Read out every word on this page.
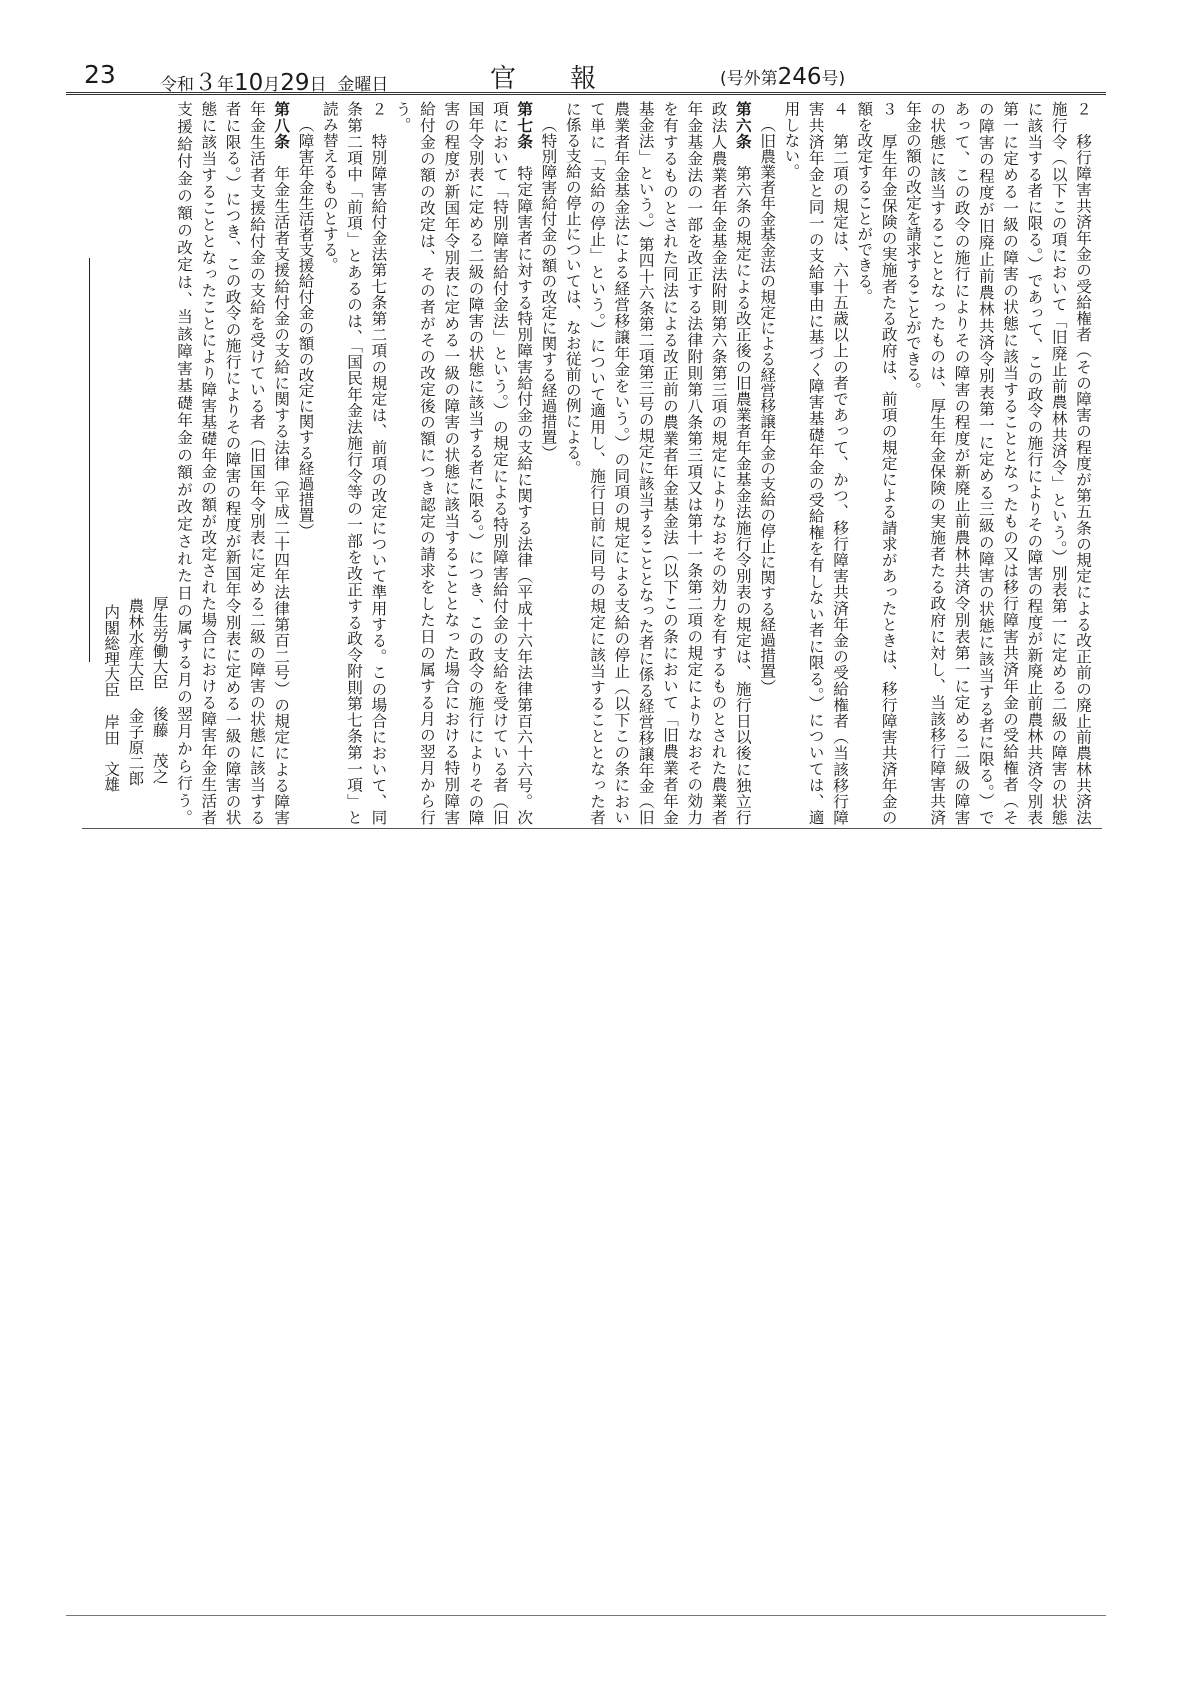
23	令和３年10月29日 金曜日	官 報	(号外第246号)
２　移行障害共済年金の受給権者（その障害の程度が第五条の規定による改正前の廃止前農林共済法
施行令（以下この項において「旧廃止前農林共済令」という。）別表第一に定める二級の障害の状態
に該当する者に限る。）であって、この政令の施行によりその障害の程度が新廃止前農林共済令別表
第一に定める一級の障害の状態に該当することとなったもの又は移行障害共済年金の受給権者（そ
の障害の程度が旧廃止前農林共済令別表第一に定める三級の障害の状態に該当する者に限る。）で
あって、この政令の施行によりその障害の程度が新廃止前農林共済令別表第一に定める二級の障害
の状態に該当することとなったものは、厚生年金保険の実施者たる政府に対し、当該移行障害共済
年金の額の改定を請求することができる。
３　厚生年金保険の実施者たる政府は、前項の規定による請求があったときは、移行障害共済年金の
額を改定することができる。
４　第二項の規定は、六十五歳以上の者であって、かつ、移行障害共済年金の受給権者（当該移行障
害共済年金と同一の支給事由に基づく障害基礎年金の受給権を有しない者に限る。）については、適
用しない。
（旧農業者年金基金法の規定による経営移譲年金の支給の停止に関する経過措置）
第六条　第六条の規定による改正後の旧農業者年金基金法施行令別表の規定は、施行日以後に独立行
政法人農業者年金基金法附則第六条第三項の規定によりなおその効力を有するものとされた農業者
年金基金法の一部を改正する法律附則第八条第三項又は第十一条第二項の規定によりなおその効力
を有するものとされた同法による改正前の農業者年金基金法（以下この条において「旧農業者年金
基金法」という。）第四十六条第二項第三号の規定に該当することとなった者に係る経営移譲年金（旧
農業者年金基金法による経営移譲年金をいう。）の同項の規定による支給の停止（以下この条におい
て単に「支給の停止」という。）について適用し、施行日前に同号の規定に該当することとなった者
に係る支給の停止については、なお従前の例による。
（特別障害給付金の額の改定に関する経過措置）
第七条　特定障害者に対する特別障害給付金の支給に関する法律（平成十六年法律第百六十六号。次
項において「特別障害給付金法」という。）の規定による特別障害給付金の支給を受けている者（旧
国年令別表に定める二級の障害の状態に該当する者に限る。）につき、この政令の施行によりその障
害の程度が新国年令別表に定める一級の障害の状態に該当することとなった場合における特別障害
給付金の額の改定は、その者がその改定後の額につき認定の請求をした日の属する月の翌月から行
う。
２　特別障害給付金法第七条第二項の規定は、前項の改定について準用する。この場合において、同
条第二項中「前項」とあるのは、「国民年金法施行令等の一部を改正する政令附則第七条第一項」と
読み替えるものとする。
（障害年金生活者支援給付金の額の改定に関する経過措置）
第八条　年金生活者支援給付金の支給に関する法律（平成二十四年法律第百二号）の規定による障害
年金生活者支援給付金の支給を受けている者（旧国年令別表に定める二級の障害の状態に該当する
者に限る。）につき、この政令の施行によりその障害の程度が新国年令別表に定める一級の障害の状
態に該当することとなったことにより障害基礎年金の額が改定された場合における障害年金生活者
支援給付金の額の改定は、当該障害基礎年金の額が改定された日の属する月の翌月から行う。
厚生労働大臣後藤　茂之
農林水産大臣金子原二郎
内閣総理大臣岸田　文雄
